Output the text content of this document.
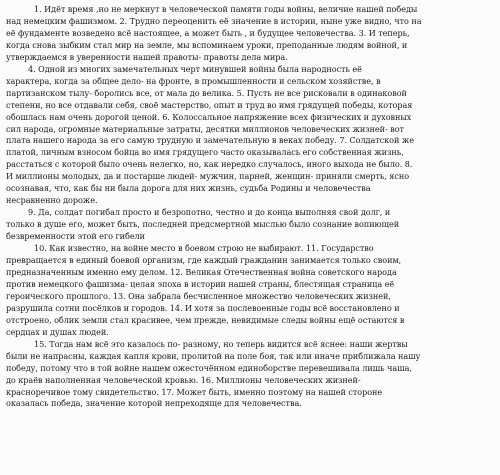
1. Идёт время ,но не меркнут в человеческой памяти годы войны, величие нашей победы
над немецким фашизмом. 2. Трудно переоценить её значение в истории, ныне уже видно, что на
её фундаменте возведено всё настоящее, а может быть , и будущее человечества. 3. И теперь,
когда снова зыбким стал мир на земле, мы вспоминаем уроки, преподанные людям войной, и
утверждаемся в уверенности нашей правоты- правоты дела мира.
4. Одной из многих замечательных черт минувшей войны была народность её
характера, когда за общее дело- на фронте, в промышленности и сельском хозяйстве, в
партизанском тылу- боролись все, от мала до велика. 5. Пусть не все рисковали в одинаковой
степени, но все отдавали себя, своё мастерство, опыт и труд во имя грядущей победы, которая
обошлась нам очень дорогой ценой. 6. Колоссальное напряжение всех физических и духовных
сил народа, огромные материальные затраты, десятки миллионов человеческих жизней- вот
плата нашего народа за его самую трудную и замечательную в веках победу. 7. Солдатской же
платой, личным взносом бойца во имя грядущего часто оказывалась его собственная жизнь,
расстаться с которой было очень нелегко, но, как нередко случалось, иного выхода не было. 8.
И миллионы молодых, да и постарше людей- мужчин, парней, женщин- приняли смерть, ясно
осознавая, что, как бы ни была дорога для них жизнь, судьба Родины и человечества
несравненно дороже.
9. Да, солдат погибал просто и безропотно, честно и до конца выполняя свой долг, и
только в душе его, может быть, последней предсмертной мыслью было сознание вопиющей
безвременности этой его гибели
10. Как известно, на войне место в боевом строю не выбирают. 11. Государство
превращается в единый боевой организм, где каждый гражданин занимается только своим,
предназначенным именно ему делом. 12. Великая Отечественная война советского народа
против немецкого фашизма- целая эпоха в истории нашей страны, блестящая страница её
героического прошлого. 13. Она забрала бесчисленное множество человеческих жизней,
разрушила сотни посёлков и городов. 14. И хотя за послевоенные годы всё восстановлено и
отстроено, облик земли стал красивее, чем прежде, невидимые следы войны ещё остаются в
сердцах и душах людей.
15. Тогда нам всё это казалось по- разному, но теперь видится всё яснее: наши жертвы
были не напрасны, каждая капля крови, пролитой на поле боя, так или иначе приближала нашу
победу, потому что в той войне нашем ожесточённом единоборстве перевешивала лишь чаша,
до краёв наполненная человеческой кровью. 16. Миллионы человеческих жизней-
красноречивое тому свидетельство. 17. Может быть, именно поэтому на нашей стороне
оказалась победа, значение которой непреходяще для человечества.
